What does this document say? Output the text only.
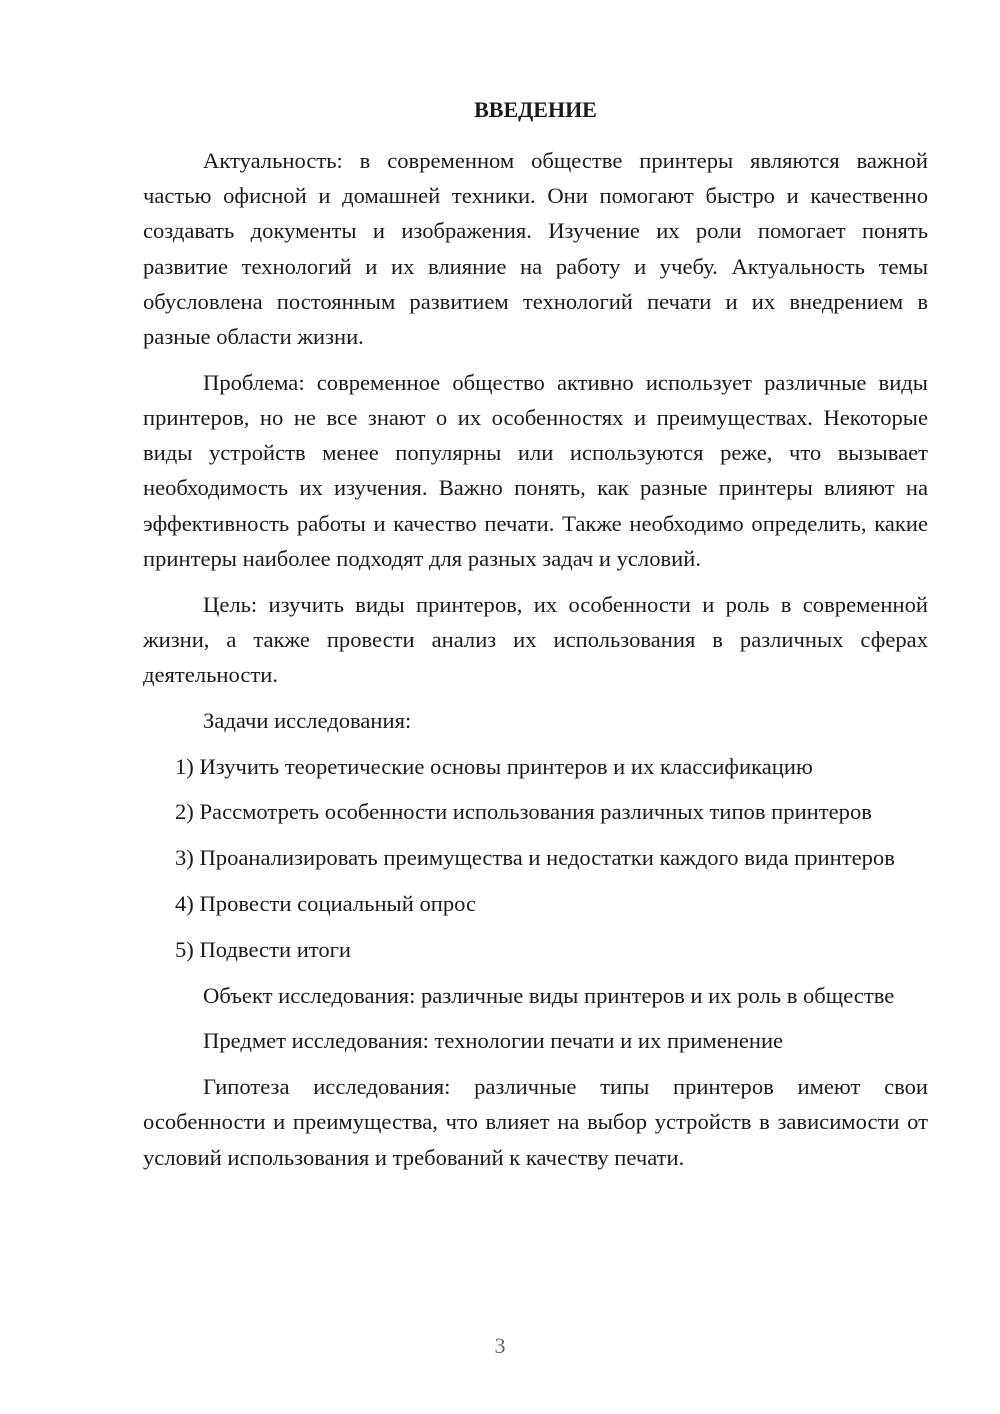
ВВЕДЕНИЕ

Актуальность: в современном обществе принтеры являются важной частью офисной и домашней техники. Они помогают быстро и качественно создавать документы и изображения. Изучение их роли помогает понять развитие технологий и их влияние на работу и учебу. Актуальность темы обусловлена постоянным развитием технологий печати и их внедрением в разные области жизни.

Проблема: современное общество активно использует различные виды принтеров, но не все знают о их особенностях и преимуществах. Некоторые виды устройств менее популярны или используются реже, что вызывает необходимость их изучения. Важно понять, как разные принтеры влияют на эффективность работы и качество печати. Также необходимо определить, какие принтеры наиболее подходят для разных задач и условий.

Цель: изучить виды принтеров, их особенности и роль в современной жизни, а также провести анализ их использования в различных сферах деятельности.

Задачи исследования:

1) Изучить теоретические основы принтеров и их классификацию

2) Рассмотреть особенности использования различных типов принтеров

3) Проанализировать преимущества и недостатки каждого вида принтеров

4) Провести социальный опрос

5) Подвести итоги

Объект исследования: различные виды принтеров и их роль в обществе

Предмет исследования: технологии печати и их применение

Гипотеза исследования: различные типы принтеров имеют свои особенности и преимущества, что влияет на выбор устройств в зависимости от условий использования и требований к качеству печати.

3
